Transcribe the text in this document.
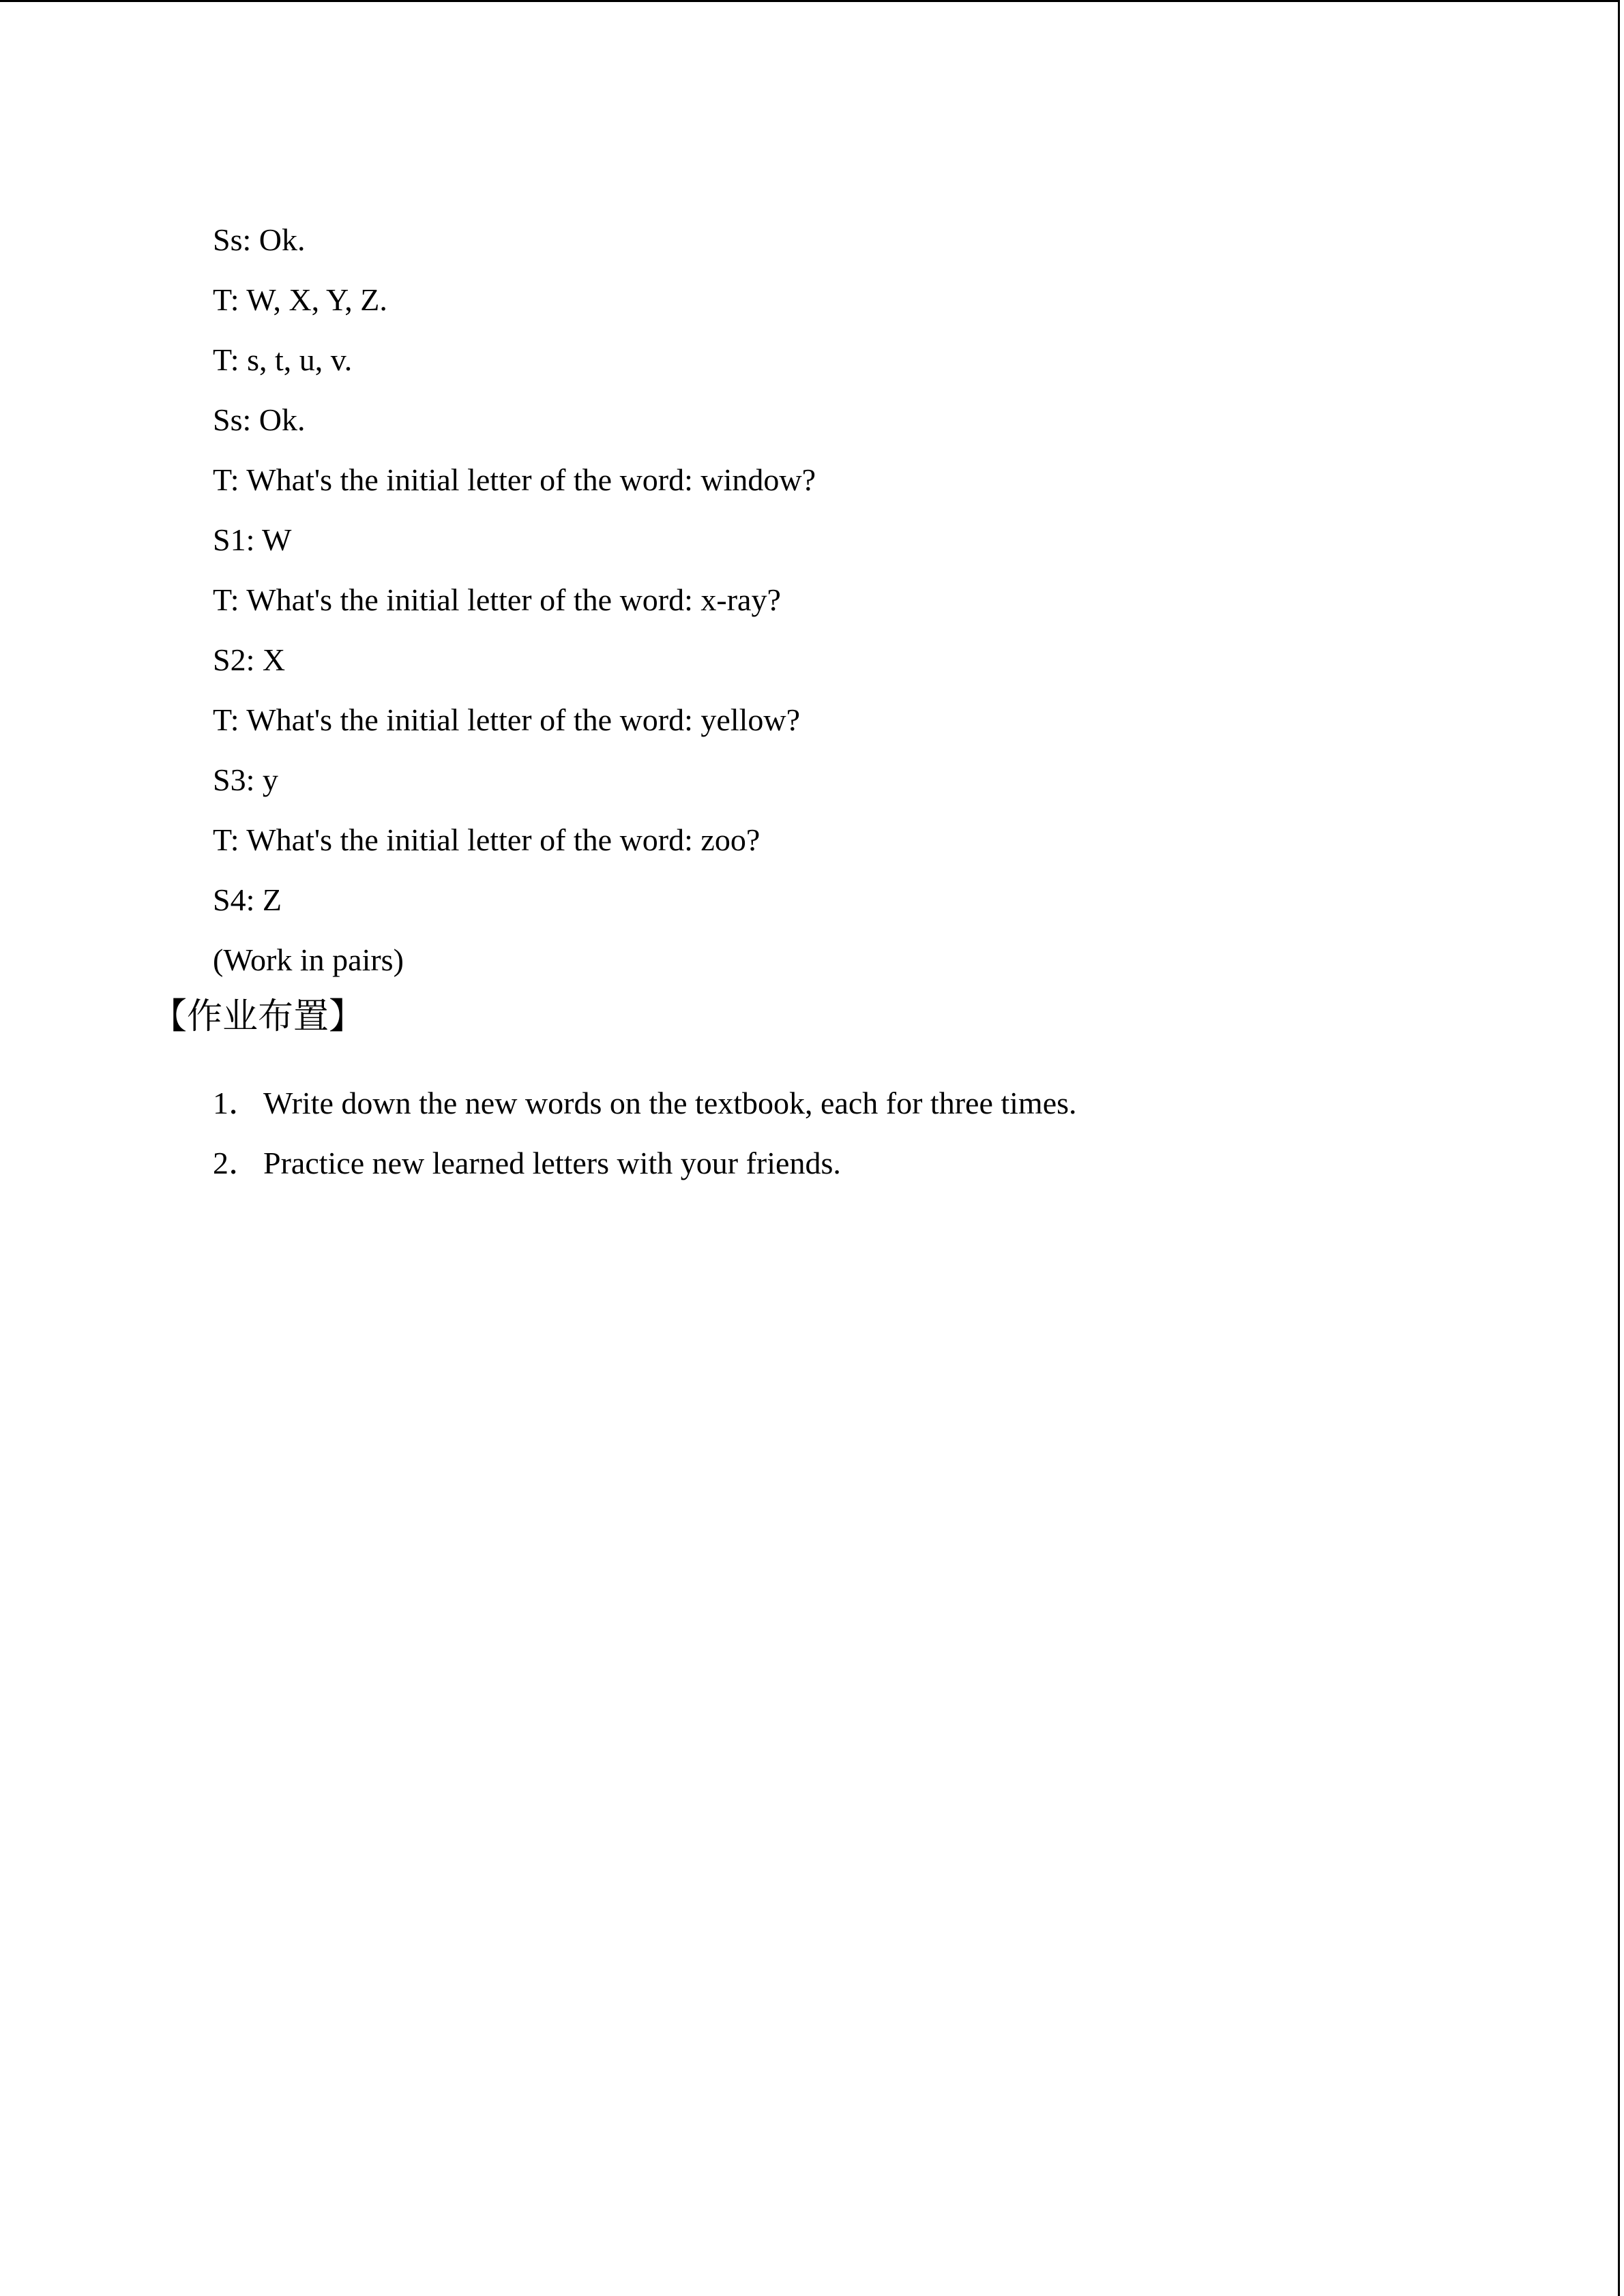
Ss: Ok.
T: W, X, Y, Z.
T: s, t, u, v.
Ss: Ok.
T: What's the initial letter of the word: window?
S1: W
T: What's the initial letter of the word: x-ray?
S2: X
T: What's the initial letter of the word: yellow?
S3: y
T: What's the initial letter of the word: zoo?
S4: Z
(Work in pairs)
【作业布置】
1． Write down the new words on the textbook, each for three times.
2． Practice new learned letters with your friends.
